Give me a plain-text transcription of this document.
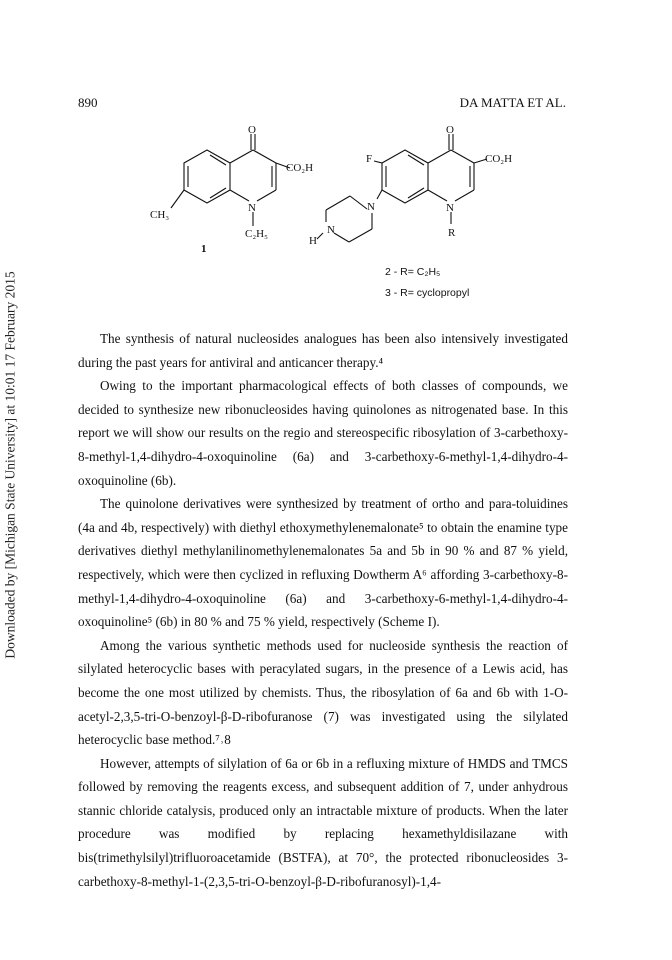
Downloaded by [Michigan State University] at 10:01 17 February 2015
890	DA MATTA ET AL.
O
CO₂H
CH₃
N
C₂H₅
1
O
CO₂H
F
N	N
R
N
H
2 - R= C₂H₅
3 - R= cyclopropyl

The synthesis of natural nucleosides analogues has been also intensively investigated during the past years for antiviral and anticancer therapy.⁴

Owing to the important pharmacological effects of both classes of compounds, we decided to synthesize new ribonucleosides having quinolones as nitrogenated base. In this report we will show our results on the regio and stereospecific ribosylation of 3-carbethoxy-8-methyl-1,4-dihydro-4-oxoquinoline (6a) and 3-carbethoxy-6-methyl-1,4-dihydro-4-oxoquinoline (6b).

The quinolone derivatives were synthesized by treatment of ortho and para-toluidines (4a and 4b, respectively) with diethyl ethoxymethylenemalonate⁵ to obtain the enamine type derivatives diethyl methylanilinomethylenemalonates 5a and 5b in 90 % and 87 % yield, respectively, which were then cyclized in refluxing Dowtherm A⁶ affording 3-carbethoxy-8-methyl-1,4-dihydro-4-oxoquinoline (6a) and 3-carbethoxy-6-methyl-1,4-dihydro-4-oxoquinoline⁵ (6b) in 80 % and 75 % yield, respectively (Scheme I).

Among the various synthetic methods used for nucleoside synthesis the reaction of silylated heterocyclic bases with peracylated sugars, in the presence of a Lewis acid, has become the one most utilized by chemists. Thus, the ribosylation of 6a and 6b with 1-O-acetyl-2,3,5-tri-O-benzoyl-β-D-ribofuranose (7) was investigated using the silylated heterocyclic base method.⁷˒8

However, attempts of silylation of 6a or 6b in a refluxing mixture of HMDS and TMCS followed by removing the reagents excess, and subsequent addition of 7, under anhydrous stannic chloride catalysis, produced only an intractable mixture of products. When the later procedure was modified by replacing hexamethyldisilazane with bis(trimethylsilyl)trifluoroacetamide (BSTFA), at 70°, the protected ribonucleosides 3-carbethoxy-8-methyl-1-(2,3,5-tri-O-benzoyl-β-D-ribofuranosyl)-1,4-
